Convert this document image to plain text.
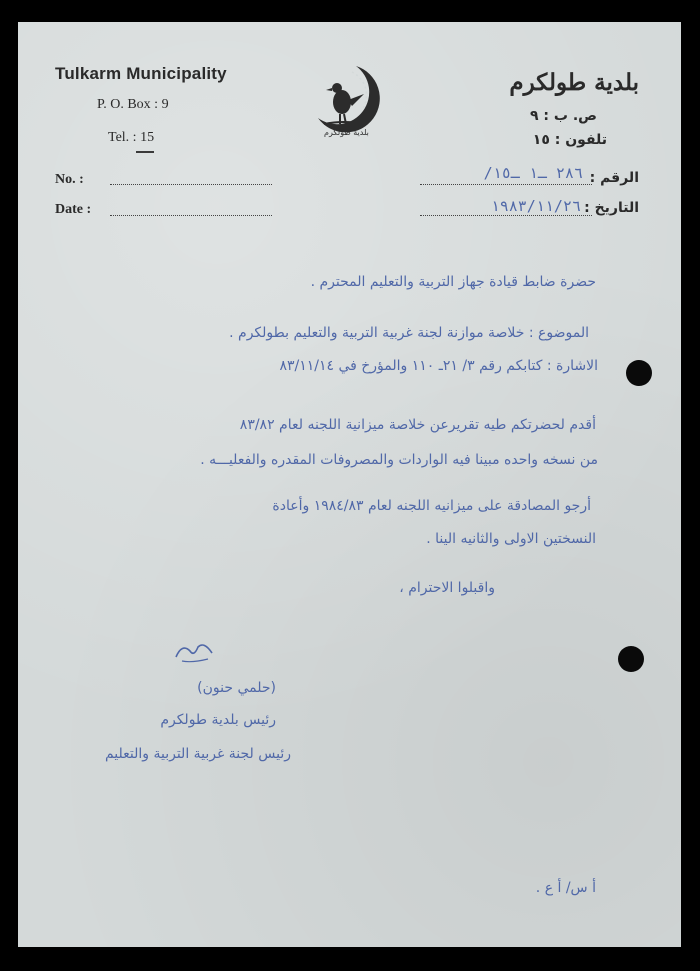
Tulkarm Municipality
P. O. Box : 9
Tel. : 15	بلدية طولكرم
بلدية طولكرم
ص. ب : ٩
تلفون : ١٥
No. :
Date :
الرقم :
٢٨٦ ـ١ ـ١٥/
التاريخ :
١٩٨٣/١١/٢٦
حضرة ضابط قيادة جهاز التربية والتعليم المحترم .
الموضوع : خلاصة موازنة لجنة غربية التربية والتعليم بطولكرم .
الاشارة : كتابكم رقم ٣/ ٢١ـ ١١٠ والمؤرخ في ٨٣/١١/١٤
أقدم لحضرتكم طيه تقريرعن خلاصة ميزانية اللجنه لعام ٨٣/٨٢
من نسخه واحده مبينا فيه الواردات والمصروفات المقدره والفعليـــه .
أرجو المصادقة على ميزانيه اللجنه لعام ١٩٨٤/٨٣ وأعادة
النسختين الاولى والثانيه الينا .
واقبلوا الاحترام ،
(حلمي حنون)
رئيس بلدية طولكرم
رئيس لجنة غربية التربية والتعليم
أ س/ أ ع .
